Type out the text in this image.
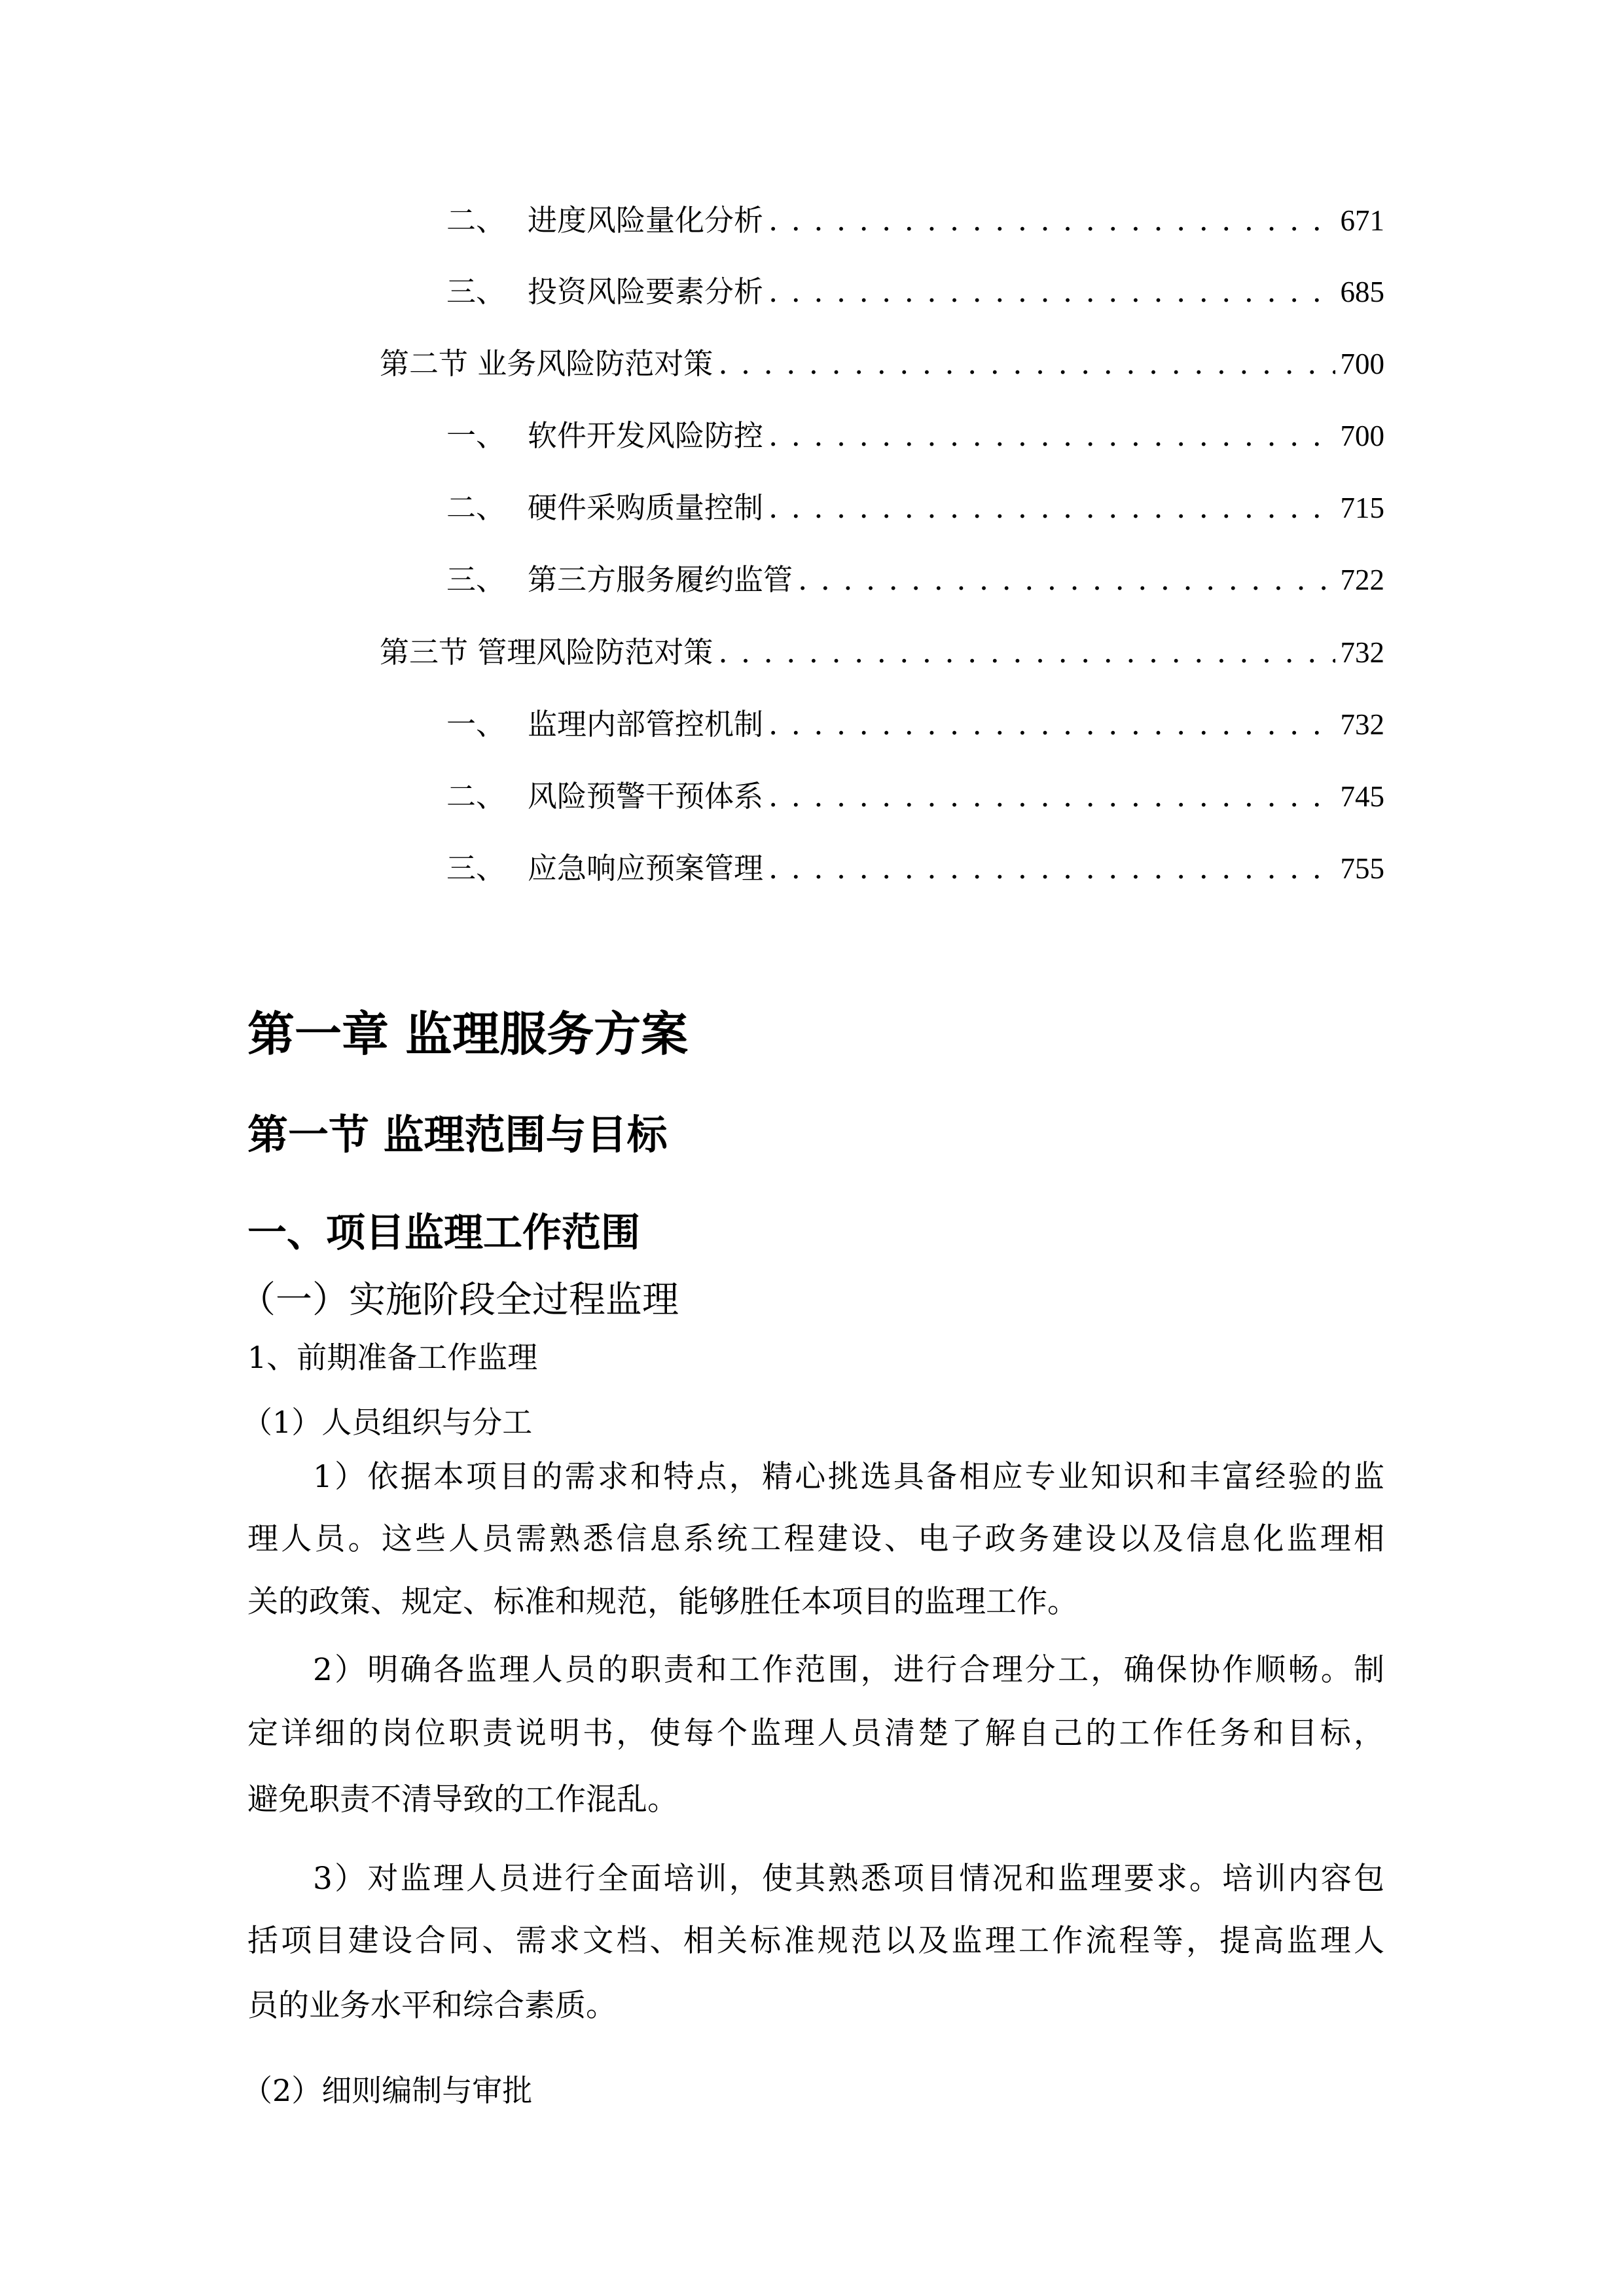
二、 进度风险量化分析 . . .	671
三、 投资风险要素分析 . . .	685
第二节 业务风险防范对策 . . .	700
一、 软件开发风险防控 . . .	700
二、 硬件采购质量控制 . . .	715
三、 第三方服务履约监管 . . .	722
第三节 管理风险防范对策 . . .	732
一、 监理内部管控机制 . . .	732
二、 风险预警干预体系 . . .	745
三、 应急响应预案管理 . . .	755
第一章 监理服务方案
第一节 监理范围与目标
一、项目监理工作范围
（一）实施阶段全过程监理
1、前期准备工作监理
（1）人员组织与分工
1）依据本项目的需求和特点，精心挑选具备相应专业知识和丰富经验的监
理人员。这些人员需熟悉信息系统工程建设、电子政务建设以及信息化监理相
关的政策、规定、标准和规范，能够胜任本项目的监理工作。
2）明确各监理人员的职责和工作范围，进行合理分工，确保协作顺畅。制
定详细的岗位职责说明书，使每个监理人员清楚了解自己的工作任务和目标，
避免职责不清导致的工作混乱。
3）对监理人员进行全面培训，使其熟悉项目情况和监理要求。培训内容包
括项目建设合同、需求文档、相关标准规范以及监理工作流程等，提高监理人
员的业务水平和综合素质。
（2）细则编制与审批
